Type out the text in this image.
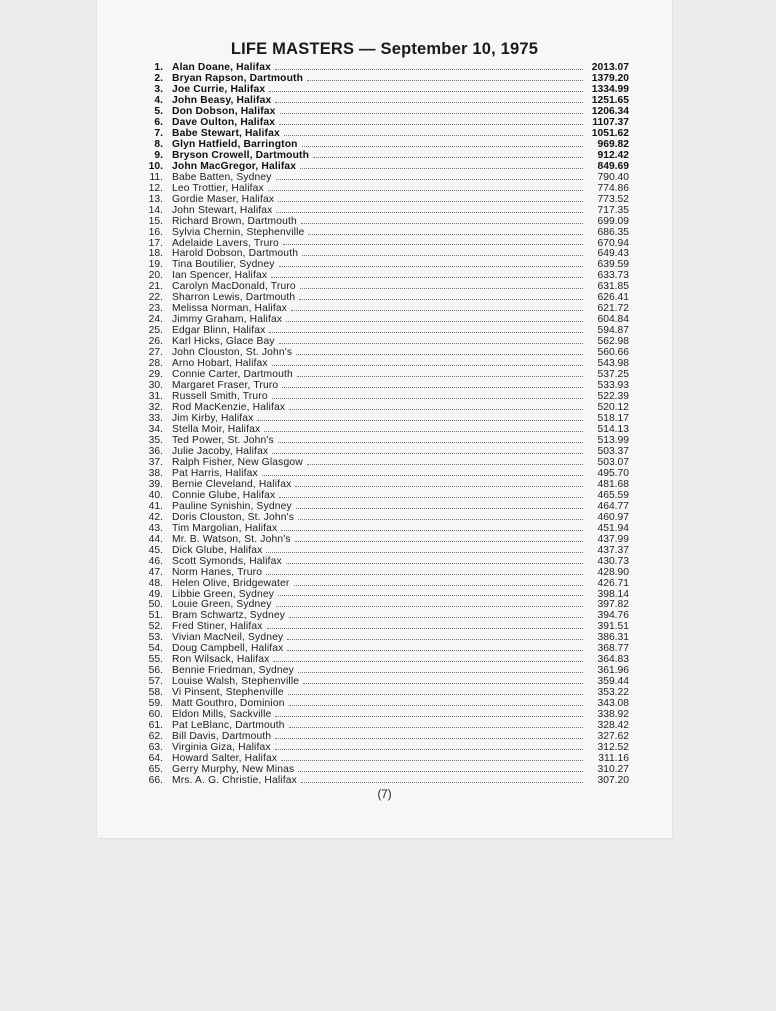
LIFE MASTERS — September 10, 1975
1. Alan Doane, Halifax	2013.07
2. Bryan Rapson, Dartmouth	1379.20
3. Joe Currie, Halifax	1334.99
4. John Beasy, Halifax	1251.65
5. Don Dobson, Halifax	1206.34
6. Dave Oulton, Halifax	1107.37
7. Babe Stewart, Halifax	1051.62
8. Glyn Hatfield, Barrington	969.82
9. Bryson Crowell, Dartmouth	912.42
10. John MacGregor, Halifax	849.69
11. Babe Batten, Sydney	790.40
12. Leo Trottier, Halifax	774.86
13. Gordie Maser, Halifax	773.52
14. John Stewart, Halifax	717.35
15. Richard Brown, Dartmouth	699.09
16. Sylvia Chernin, Stephenville	686.35
17. Adelaide Lavers, Truro	670.94
18. Harold Dobson, Dartmouth	649.43
19. Tina Boutilier, Sydney	639.59
20. Ian Spencer, Halifax	633.73
21. Carolyn MacDonald, Truro	631.85
22. Sharron Lewis, Dartmouth	626.41
23. Melissa Norman, Halifax	621.72
24. Jimmy Graham, Halifax	604.84
25. Edgar Blinn, Halifax	594.87
26. Karl Hicks, Glace Bay	562.98
27. John Clouston, St. John's	560.66
28. Arno Hobart, Halifax	543.98
29. Connie Carter, Dartmouth	537.25
30. Margaret Fraser, Truro	533.93
31. Russell Smith, Truro	522.39
32. Rod MacKenzie, Halifax	520.12
33. Jim Kirby, Halifax	518.17
34. Stella Moir, Halifax	514.13
35. Ted Power, St. John's	513.99
36. Julie Jacoby, Halifax	503.37
37. Ralph Fisher, New Glasgow	503.07
38. Pat Harris, Halifax	495.70
39. Bernie Cleveland, Halifax	481.68
40. Connie Glube, Halifax	465.59
41. Pauline Synishin, Sydney	464.77
42. Doris Clouston, St. John's	460.97
43. Tim Margolian, Halifax	451.94
44. Mr. B. Watson, St. John's	437.99
45. Dick Glube, Halifax	437.37
46. Scott Symonds, Halifax	430.73
47. Norm Hanes, Truro	428.90
48. Helen Olive, Bridgewater	426.71
49. Libbie Green, Sydney	398.14
50. Louie Green, Sydney	397.82
51. Bram Schwartz, Sydney	394.76
52. Fred Stiner, Halifax	391.51
53. Vivian MacNeil, Sydney	386.31
54. Doug Campbell, Halifax	368.77
55. Ron Wilsack, Halifax	364.83
56. Bennie Friedman, Sydney	361.96
57. Louise Walsh, Stephenville	359.44
58. Vi Pinsent, Stephenville	353.22
59. Matt Gouthro, Dominion	343.08
60. Eldon Mills, Sackville	338.92
61. Pat LeBlanc, Dartmouth	328.42
62. Bill Davis, Dartmouth	327.62
63. Virginia Giza, Halifax	312.52
64. Howard Salter, Halifax	311.16
65. Gerry Murphy, New Minas	310.27
66. Mrs. A. G. Christie, Halifax	307.20
(7)
